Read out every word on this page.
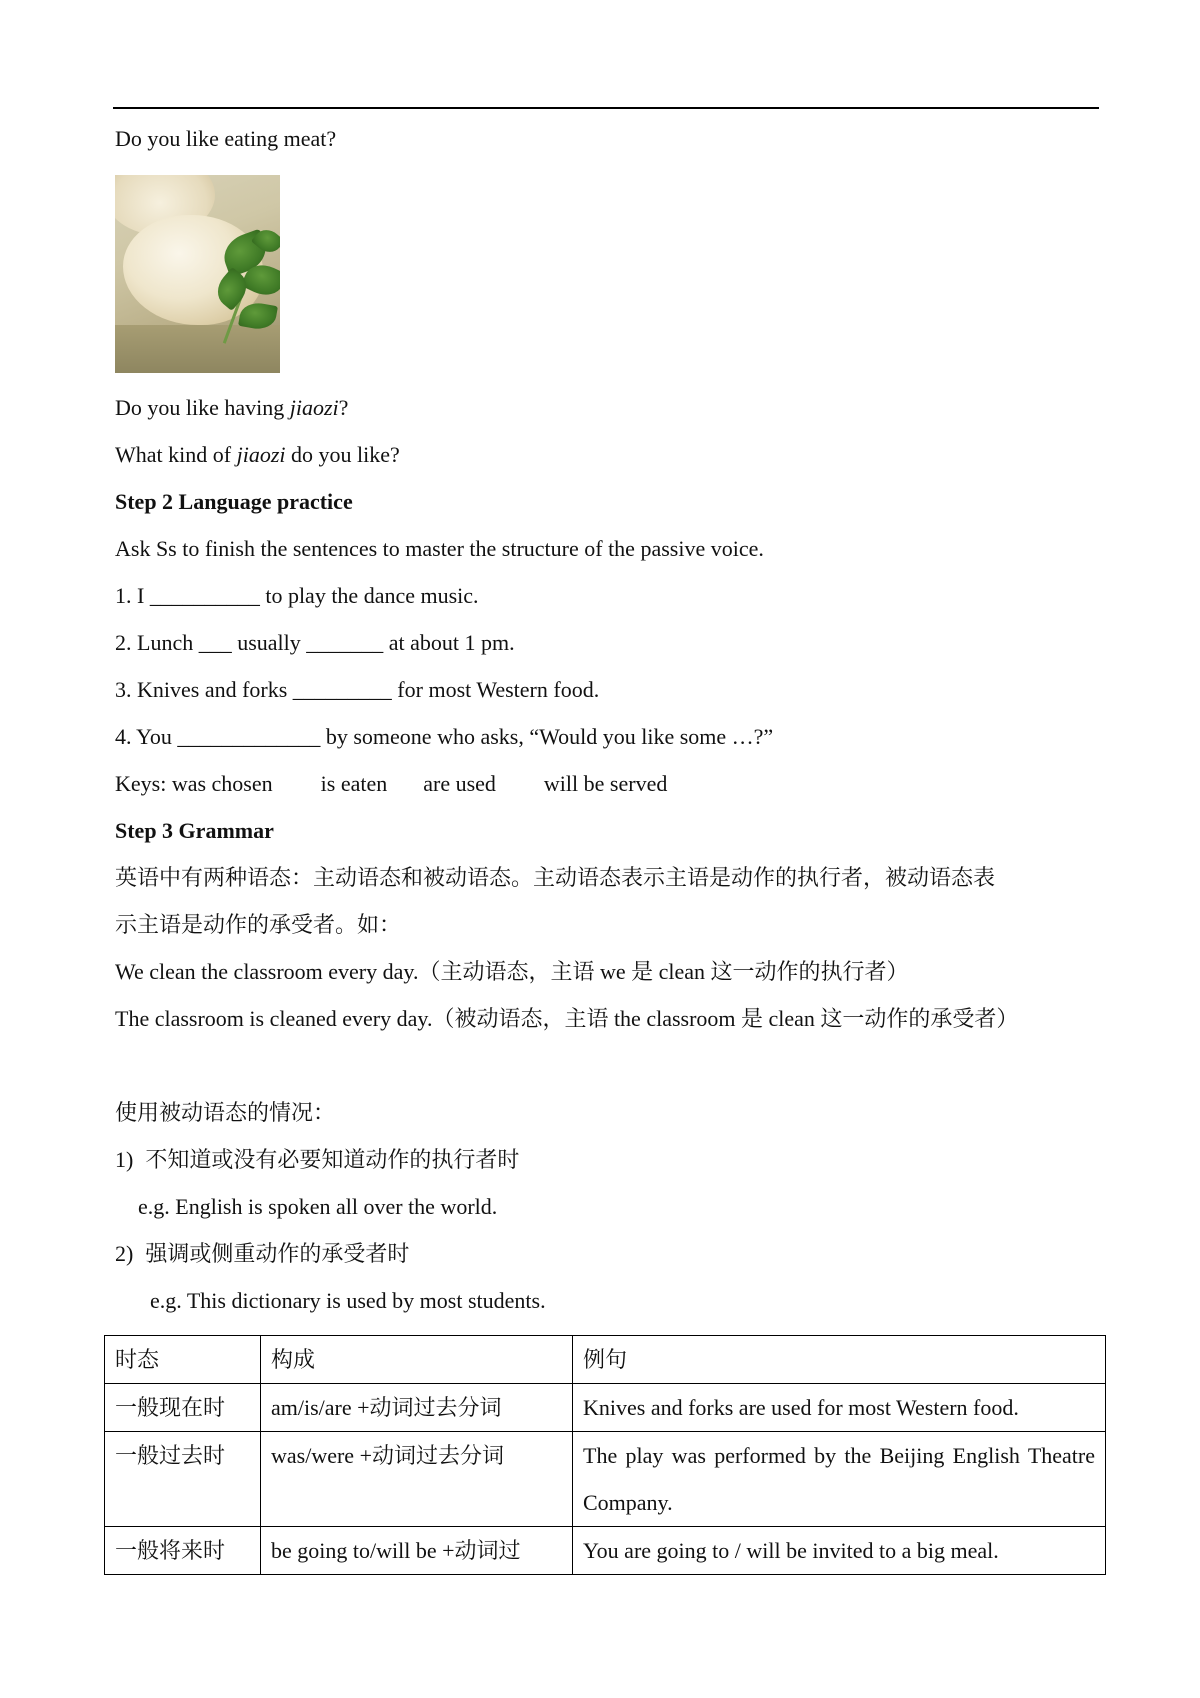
Do you like eating meat?
Do you like having jiaozi?
What kind of jiaozi do you like?
Step 2 Language practice
Ask Ss to finish the sentences to master the structure of the passive voice.
1. I __________ to play the dance music.
2. Lunch ___ usually _______ at about 1 pm.
3. Knives and forks _________ for most Western food.
4. You _____________ by someone who asks, “Would you like some …?”
Keys: was chosen is eaten are used will be served
Step 3 Grammar
英语中有两种语态：主动语态和被动语态。主动语态表示主语是动作的执行者，被动语态表
示主语是动作的承受者。如：
We clean the classroom every day.（主动语态，主语 we 是 clean 这一动作的执行者）
The classroom is cleaned every day.（被动语态，主语 the classroom 是 clean 这一动作的承受者）
使用被动语态的情况：
1) 不知道或没有必要知道动作的执行者时
e.g. English is spoken all over the world.
2) 强调或侧重动作的承受者时
e.g. This dictionary is used by most students.
时态	构成	例句
一般现在时	am/is/are +动词过去分词	Knives and forks are used for most Western food.
一般过去时	was/were +动词过去分词	The play was performed by the Beijing English Theatre Company.
一般将来时	be going to/will be +动词过	You are going to / will be invited to a big meal.
